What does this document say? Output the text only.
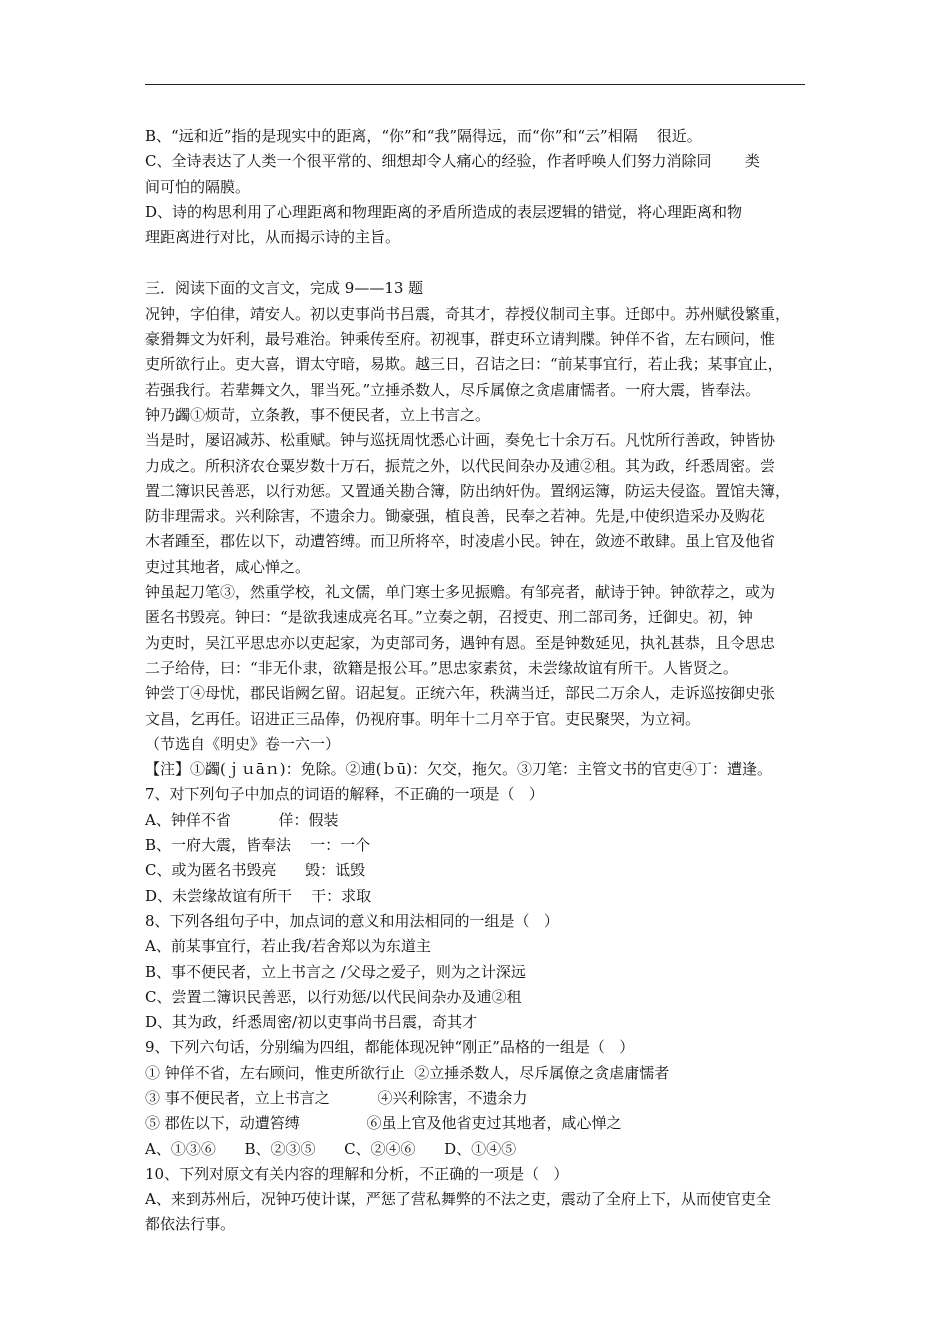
B、“远和近”指的是现实中的距离，“你”和“我”隔得远，而“你”和“云”相隔    很近。
C、全诗表达了人类一个很平常的、细想却令人痛心的经验，作者呼唤人们努力消除同       类
间可怕的隔膜。
D、诗的构思利用了心理距离和物理距离的矛盾所造成的表层逻辑的错觉，将心理距离和物
理距离进行对比，从而揭示诗的主旨。
三．阅读下面的文言文，完成 9——13 题
况钟，字伯律，靖安人。初以吏事尚书吕震，奇其才，荐授仪制司主事。迁郎中。苏州赋役繁重，
豪猾舞文为奸利，最号难治。钟乘传至府。初视事，群吏环立请判牒。钟佯不省，左右顾问，惟
吏所欲行止。吏大喜，谓太守暗，易欺。越三日，召诘之曰：“前某事宜行，若止我；某事宜止，
若强我行。若辈舞文久，罪当死。”立捶杀数人，尽斥属僚之贪虐庸懦者。一府大震，皆奉法。
钟乃蠲①烦苛，立条教，事不便民者，立上书言之。
当是时，屡诏减苏、松重赋。钟与巡抚周忱悉心计画，奏免七十余万石。凡忱所行善政，钟皆协
力成之。所积济农仓粟岁数十万石，振荒之外，以代民间杂办及逋②租。其为政，纤悉周密。尝
置二簿识民善恶，以行劝惩。又置通关勘合簿，防出纳奸伪。置纲运簿，防运夫侵盗。置馆夫簿，
防非理需求。兴利除害，不遗余力。锄豪强，植良善，民奉之若神。先是,中使织造采办及购花
木者踵至，郡佐以下，动遭笞缚。而卫所将卒，时凌虐小民。钟在，敛迹不敢肆。虽上官及他省
吏过其地者，咸心惮之。
钟虽起刀笔③，然重学校，礼文儒，单门寒士多见振赡。有邹亮者，献诗于钟。钟欲荐之，或为
匿名书毁亮。钟曰：“是欲我速成亮名耳。”立奏之朝，召授吏、刑二部司务，迁御史。初，钟
为吏时，吴江平思忠亦以吏起家，为吏部司务，遇钟有恩。至是钟数延见，执礼甚恭，且令思忠
二子给侍，曰：“非无仆隶，欲籍是报公耳。”思忠家素贫，未尝缘故谊有所干。人皆贤之。
钟尝丁④母忧，郡民诣阙乞留。诏起复。正统六年，秩满当迁，部民二万余人，走诉巡按御史张
文昌，乞再任。诏进正三品俸，仍视府事。明年十二月卒于官。吏民聚哭，为立祠。
（节选自《明史》卷一六一）
【注】①蠲(ｊｕāｎ)：免除。②逋(ｂū)：欠交，拖欠。③刀笔：主管文书的官吏④丁：遭逢。
7、对下列句子中加点的词语的解释，不正确的一项是（   ）
A、钟佯不省          佯：假装
B、一府大震，皆奉法    一：一个
C、或为匿名书毁亮      毁：诋毁
D、未尝缘故谊有所干    干：求取
8、下列各组句子中，加点词的意义和用法相同的一组是（   ）
A、前某事宜行，若止我/若舍郑以为东道主
B、事不便民者，立上书言之 /父母之爱子，则为之计深远
C、尝置二簿识民善恶，以行劝惩/以代民间杂办及逋②租
D、其为政，纤悉周密/初以吏事尚书吕震，奇其才
9、下列六句话，分别编为四组，都能体现况钟“刚正”品格的一组是（   ）
① 钟佯不省，左右顾问，惟吏所欲行止  ②立捶杀数人，尽斥属僚之贪虐庸懦者
③ 事不便民者，立上书言之          ④兴利除害，不遗余力
⑤ 郡佐以下，动遭笞缚              ⑥虽上官及他省吏过其地者，咸心惮之
A、①③⑥      B、②③⑤      C、②④⑥      D、①④⑤
10、下列对原文有关内容的理解和分析，不正确的一项是（   ）
A、来到苏州后，况钟巧使计谋，严惩了营私舞弊的不法之吏，震动了全府上下，从而使官吏全
都依法行事。
